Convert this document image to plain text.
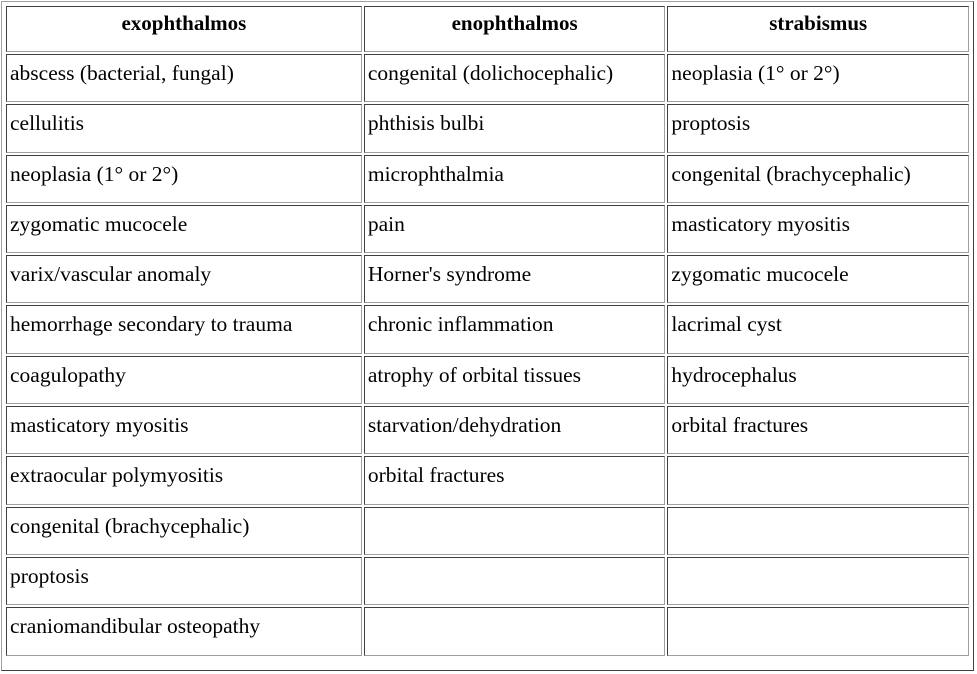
exophthalmos	enophthalmos	strabismus
abscess (bacterial, fungal)	congenital (dolichocephalic)	neoplasia (1° or 2°)
cellulitis	phthisis bulbi	proptosis
neoplasia (1° or 2°)	microphthalmia	congenital (brachycephalic)
zygomatic mucocele	pain	masticatory myositis
varix/vascular anomaly	Horner's syndrome	zygomatic mucocele
hemorrhage secondary to trauma	chronic inflammation	lacrimal cyst
coagulopathy	atrophy of orbital tissues	hydrocephalus
masticatory myositis	starvation/dehydration	orbital fractures
extraocular polymyositis	orbital fractures	
congenital (brachycephalic)		
proptosis		
craniomandibular osteopathy		
